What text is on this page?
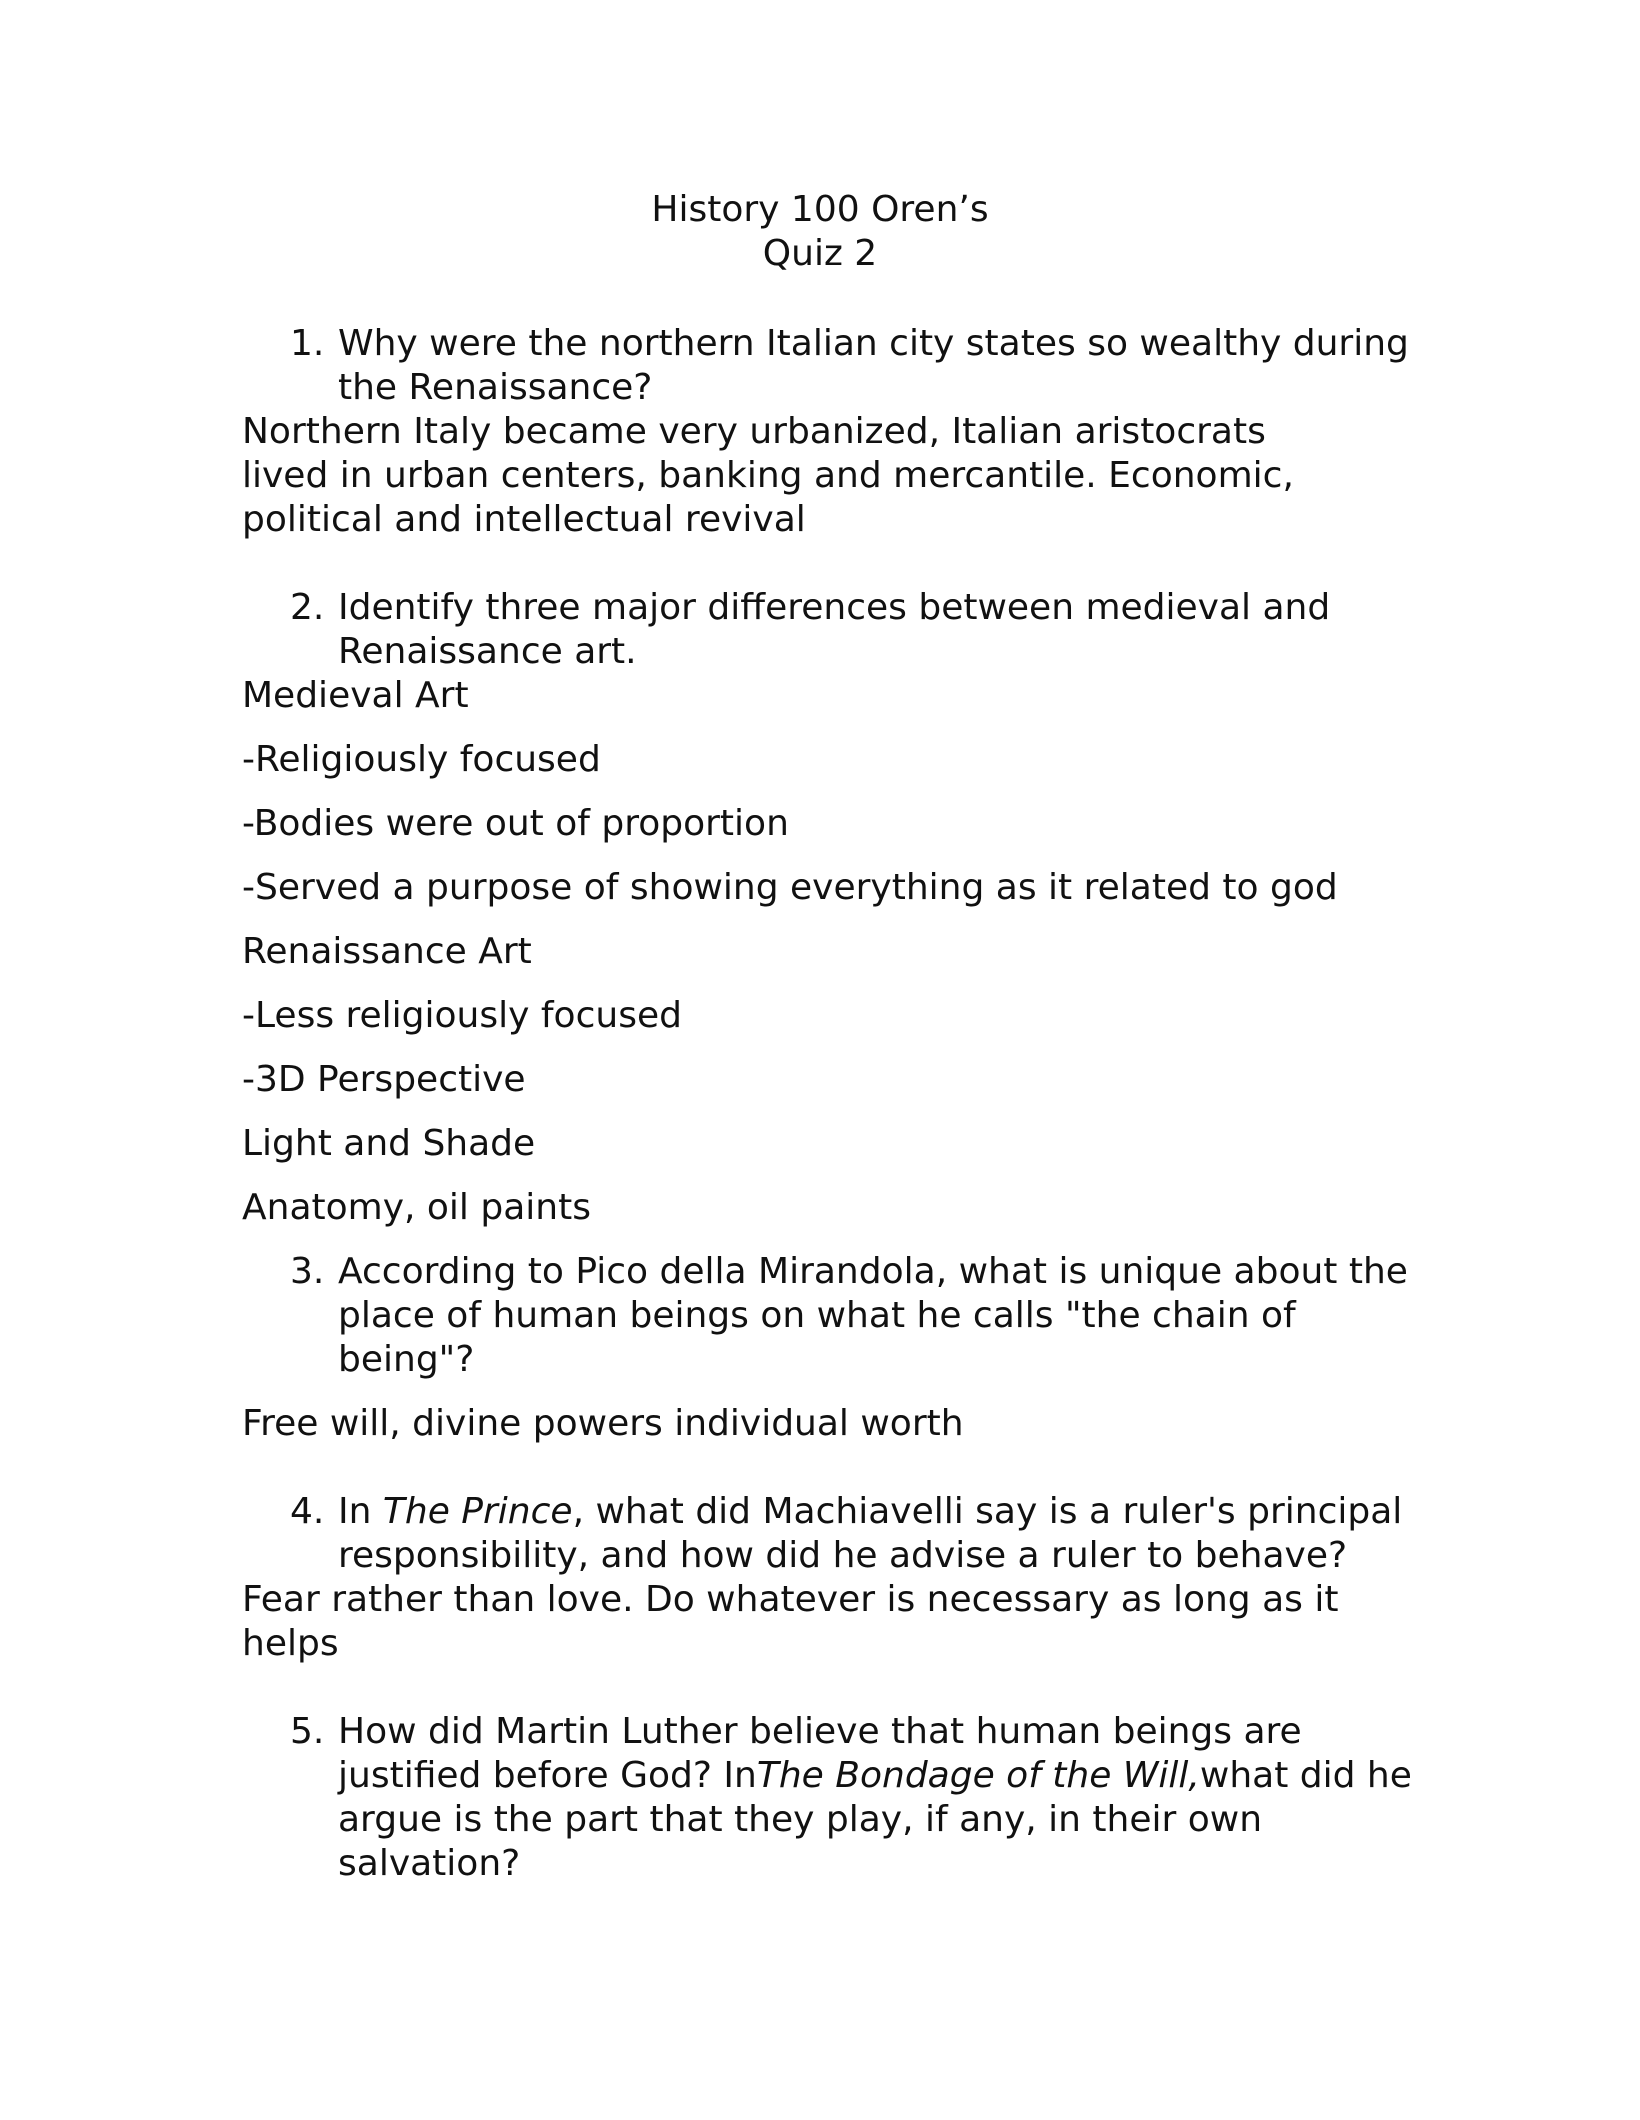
History 100 Oren’s
Quiz 2
1. Why were the northern Italian city states so wealthy during the Renaissance?
Northern Italy became very urbanized, Italian aristocrats
lived in urban centers, banking and mercantile. Economic,
political and intellectual revival
2. Identify three major differences between medieval and Renaissance art.
Medieval Art
-Religiously focused
-Bodies were out of proportion
-Served a purpose of showing everything as it related to god
Renaissance Art
-Less religiously focused
-3D Perspective
Light and Shade
Anatomy, oil paints
3. According to Pico della Mirandola, what is unique about the place of human beings on what he calls "the chain of being"?
Free will, divine powers individual worth
4. In The Prince, what did Machiavelli say is a ruler's principal responsibility, and how did he advise a ruler to behave?
Fear rather than love. Do whatever is necessary as long as it
helps
5. How did Martin Luther believe that human beings are justified before God? InThe Bondage of the Will,what did he argue is the part that they play, if any, in their own salvation?
